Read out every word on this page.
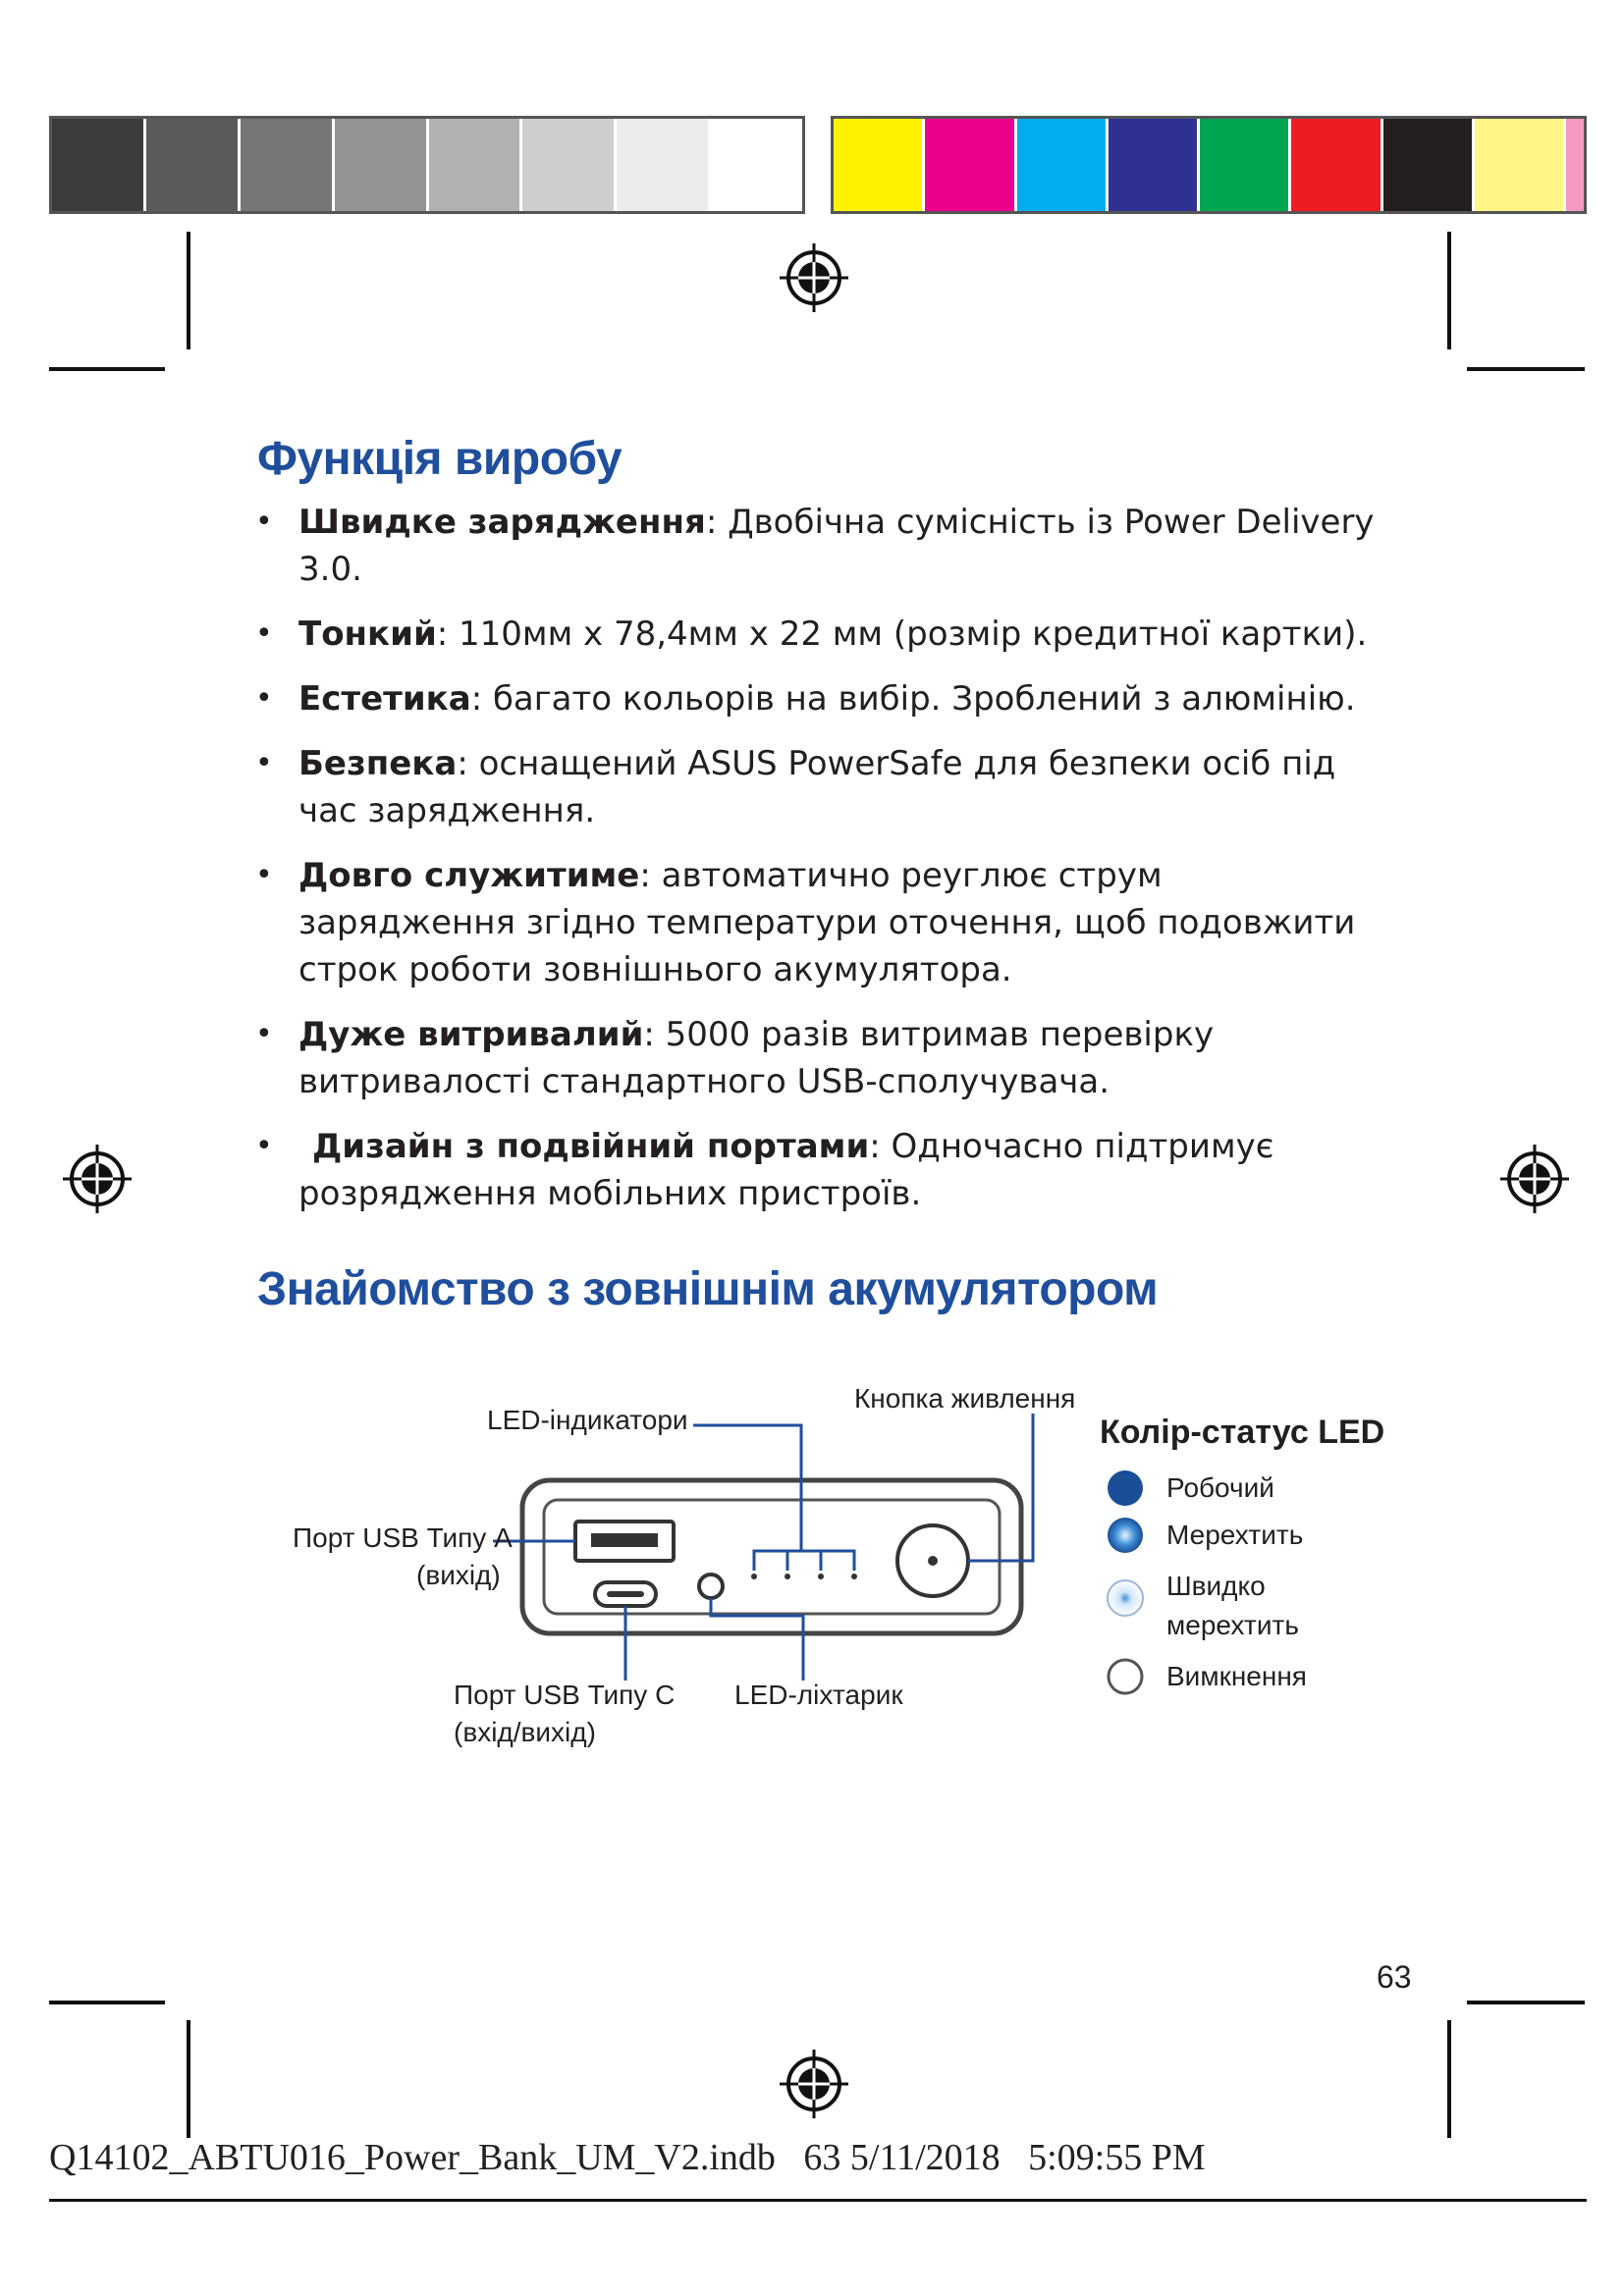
Функція виробу
• Швидке зарядження: Двобічна сумісність із Power Delivery 3.0.
• Тонкий: 110мм x 78,4мм x 22 мм (розмір кредитної картки).
• Естетика: багато кольорів на вибір. Зроблений з алюмінію.
• Безпека: оснащений ASUS PowerSafe для безпеки осіб під час зарядження.
• Довго служитиме: автоматично реуглює струм зарядження згідно температури оточення, щоб подовжити строк роботи зовнішнього акумулятора.
• Дуже витривалий: 5000 разів витримав перевірку витривалості стандартного USB-сполучувача.
• Дизайн з подвійний портами: Одночасно підтримує розрядження мобільних пристроїв.
Знайомство з зовнішнім акумулятором
LED-індикатори
Кнопка живлення
Порт USB Типу A
(вихід)
Порт USB Типу C
(вхід/вихід)
LED-ліхтарик
Колір-статус LED
Робочий
Мерехтить
Швидко
мерехтить
Вимкнення
63
Q14102_ABTU016_Power_Bank_UM_V2.indb   63 5/11/2018   5:09:55 PM
